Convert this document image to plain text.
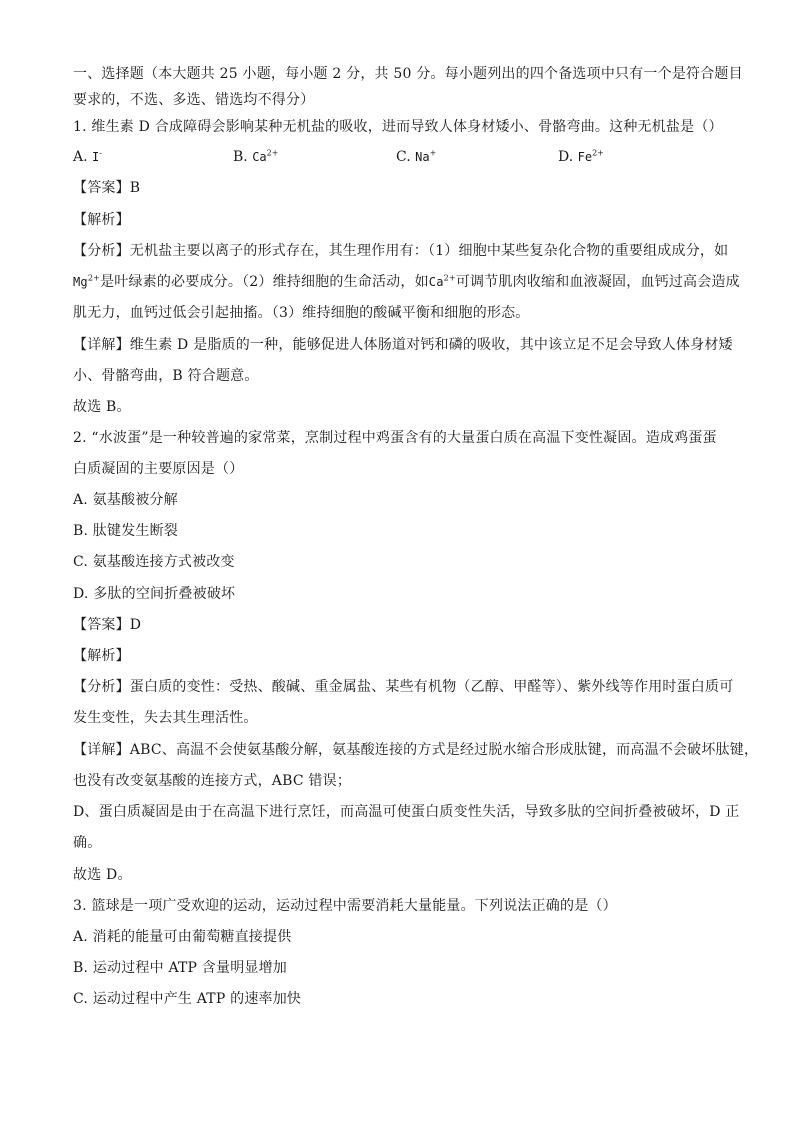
一、选择题（本大题共 25 小题，每小题 2 分，共 50 分。每小题列出的四个备选项中只有一个是符合题目
要求的，不选、多选、错选均不得分）
1. 维生素 D 合成障碍会影响某种无机盐的吸收，进而导致人体身材矮小、骨骼弯曲。这种无机盐是（）
A. I-	B. $Ca^{2+}$	C. Na+	D. $Fe^{2+}$
【答案】B
【解析】
【分析】无机盐主要以离子的形式存在，其生理作用有：（1）细胞中某些复杂化合物的重要组成成分，如
$Mg^{2+}$是叶绿素的必要成分。（2）维持细胞的生命活动，如$Ca^{2+}$可调节肌肉收缩和血液凝固，血钙过高会造成
肌无力，血钙过低会引起抽搐。（3）维持细胞的酸碱平衡和细胞的形态。
【详解】维生素 D 是脂质的一种，能够促进人体肠道对钙和磷的吸收，其中该立足不足会导致人体身材矮
小、骨骼弯曲，B 符合题意。
故选 B。
2. “水波蛋”是一种较普遍的家常菜，烹制过程中鸡蛋含有的大量蛋白质在高温下变性凝固。造成鸡蛋蛋
白质凝固的主要原因是（）
A. 氨基酸被分解
B. 肽键发生断裂
C. 氨基酸连接方式被改变
D. 多肽的空间折叠被破坏
【答案】D
【解析】
【分析】蛋白质的变性：受热、酸碱、重金属盐、某些有机物（乙醇、甲醛等）、紫外线等作用时蛋白质可
发生变性，失去其生理活性。
【详解】ABC、高温不会使氨基酸分解，氨基酸连接的方式是经过脱水缩合形成肽键，而高温不会破坏肽键，
也没有改变氨基酸的连接方式，ABC 错误；
D、蛋白质凝固是由于在高温下进行烹饪，而高温可使蛋白质变性失活，导致多肽的空间折叠被破坏，D 正
确。
故选 D。
3. 篮球是一项广受欢迎的运动，运动过程中需要消耗大量能量。下列说法正确的是（）
A. 消耗的能量可由葡萄糖直接提供
B. 运动过程中 ATP 含量明显增加
C. 运动过程中产生 ATP 的速率加快
